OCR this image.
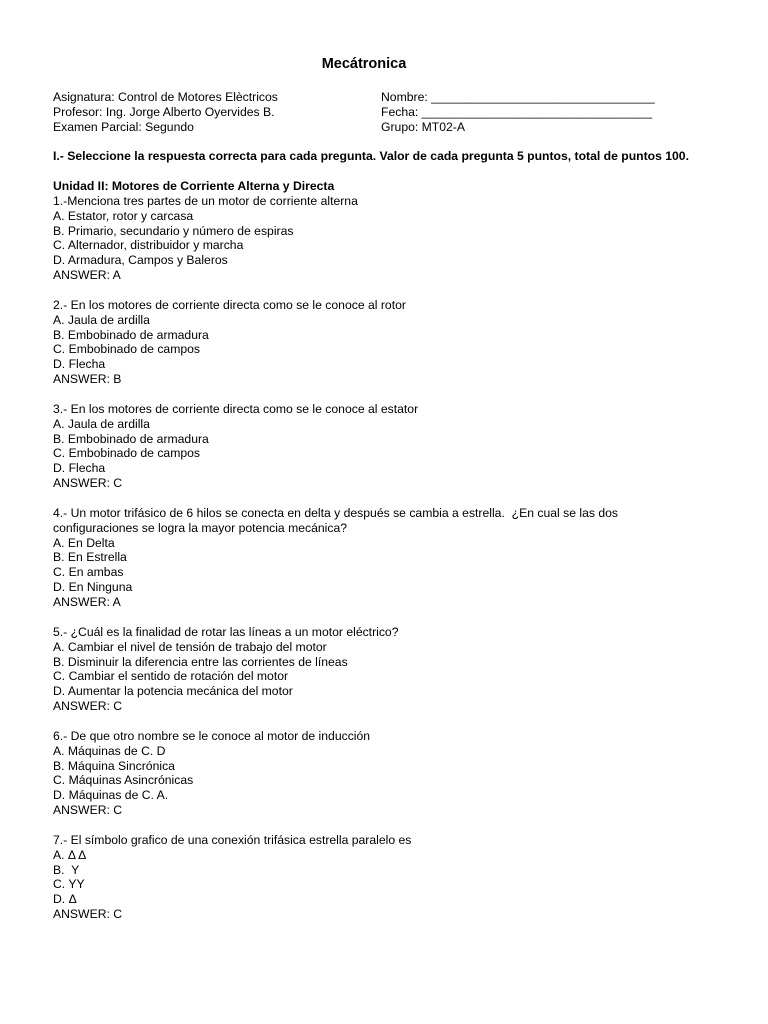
Mecátronica
Asignatura: Control de Motores Elèctricos
Profesor: Ing. Jorge Alberto Oyervides B.
Examen Parcial: Segundo
Nombre: _________________________________
Fecha: __________________________________
Grupo: MT02-A
I.- Seleccione la respuesta correcta para cada pregunta. Valor de cada pregunta 5 puntos, total de puntos 100.
Unidad II: Motores de Corriente Alterna y Directa
1.-Menciona tres partes de un motor de corriente alterna
A. Estator, rotor y carcasa
B. Primario, secundario y número de espiras
C. Alternador, distribuidor y marcha
D. Armadura, Campos y Baleros
ANSWER: A
2.- En los motores de corriente directa como se le conoce al rotor
A. Jaula de ardilla
B. Embobinado de armadura
C. Embobinado de campos
D. Flecha
ANSWER: B
3.- En los motores de corriente directa como se le conoce al estator
A. Jaula de ardilla
B. Embobinado de armadura
C. Embobinado de campos
D. Flecha
ANSWER: C
4.- Un motor trifásico de 6 hilos se conecta en delta y después se cambia a estrella.  ¿En cual se las dos configuraciones se logra la mayor potencia mecánica?
A. En Delta
B. En Estrella
C. En ambas
D. En Ninguna
ANSWER: A
5.- ¿Cuál es la finalidad de rotar las líneas a un motor eléctrico?
A. Cambiar el nivel de tensión de trabajo del motor
B. Disminuir la diferencia entre las corrientes de líneas
C. Cambiar el sentido de rotación del motor
D. Aumentar la potencia mecánica del motor
ANSWER: C
6.- De que otro nombre se le conoce al motor de inducción
A. Máquinas de C. D
B. Máquina Sincrónica
C. Máquinas Asincrónicas
D. Máquinas de C. A.
ANSWER: C
7.- El símbolo grafico de una conexión trifásica estrella paralelo es
A. Δ Δ
B.  Y
C. YY
D. Δ
ANSWER: C
